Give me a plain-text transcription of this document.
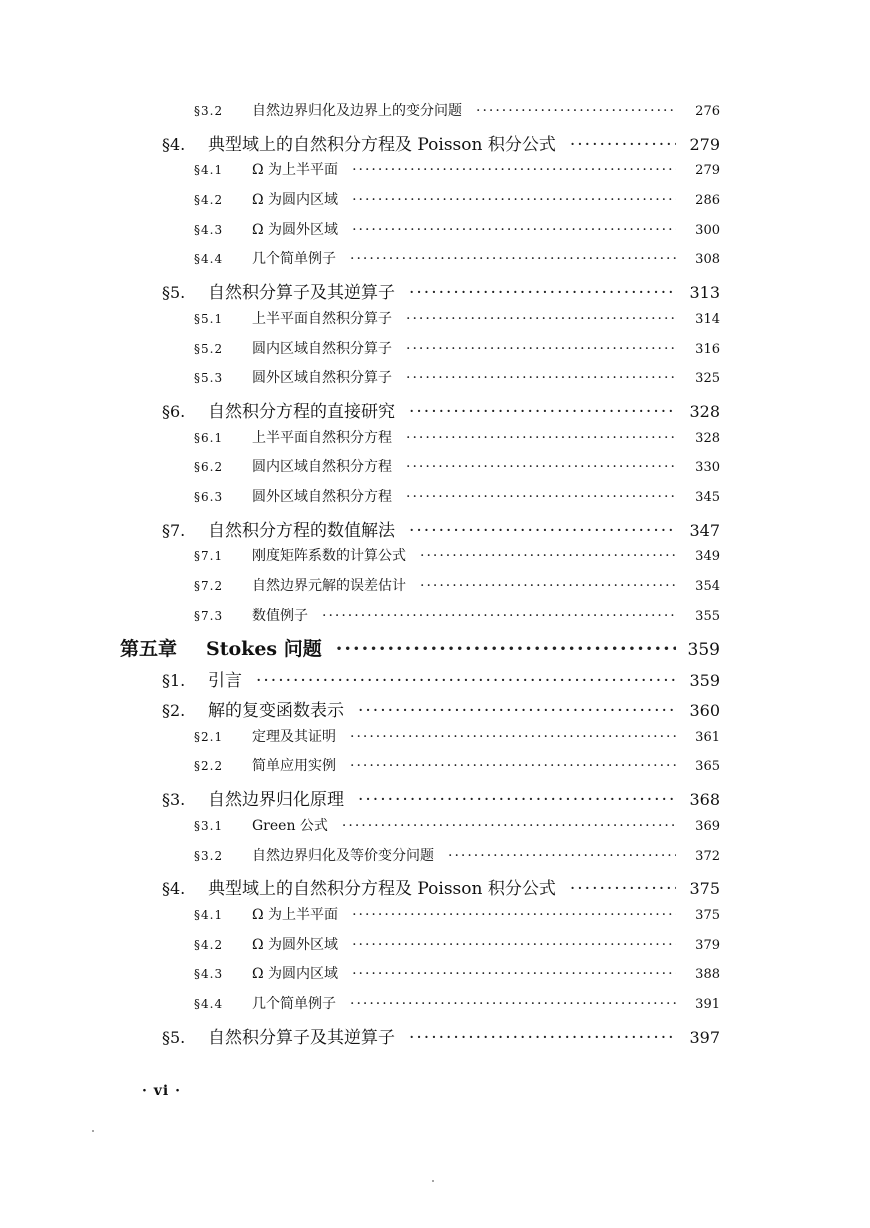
§3.2	自然边界归化及边界上的变分问题 ·····	276
§4.	典型域上的自然积分方程及 Poisson 积分公式 ·····	279
§4.1	Ω 为上半平面 ·····	279
§4.2	Ω 为圆内区域 ·····	286
§4.3	Ω 为圆外区域 ·····	300
§4.4	几个简单例子 ·····	308
§5.	自然积分算子及其逆算子 ·····	313
§5.1	上半平面自然积分算子 ·····	314
§5.2	圆内区域自然积分算子 ·····	316
§5.3	圆外区域自然积分算子 ·····	325
§6.	自然积分方程的直接研究 ·····	328
§6.1	上半平面自然积分方程 ·····	328
§6.2	圆内区域自然积分方程 ·····	330
§6.3	圆外区域自然积分方程 ·····	345
§7.	自然积分方程的数值解法 ·····	347
§7.1	刚度矩阵系数的计算公式 ·····	349
§7.2	自然边界元解的误差估计 ·····	354
§7.3	数值例子 ·····	355
第五章	Stokes 问题 ·····	359
§1.	引言 ·····	359
§2.	解的复变函数表示 ·····	360
§2.1	定理及其证明 ·····	361
§2.2	简单应用实例 ·····	365
§3.	自然边界归化原理 ·····	368
§3.1	Green 公式 ·····	369
§3.2	自然边界归化及等价变分问题 ·····	372
§4.	典型域上的自然积分方程及 Poisson 积分公式 ·····	375
§4.1	Ω 为上半平面 ·····	375
§4.2	Ω 为圆外区域 ·····	379
§4.3	Ω 为圆内区域 ·····	388
§4.4	几个简单例子 ·····	391
§5.	自然积分算子及其逆算子 ·····	397
· vi ·
